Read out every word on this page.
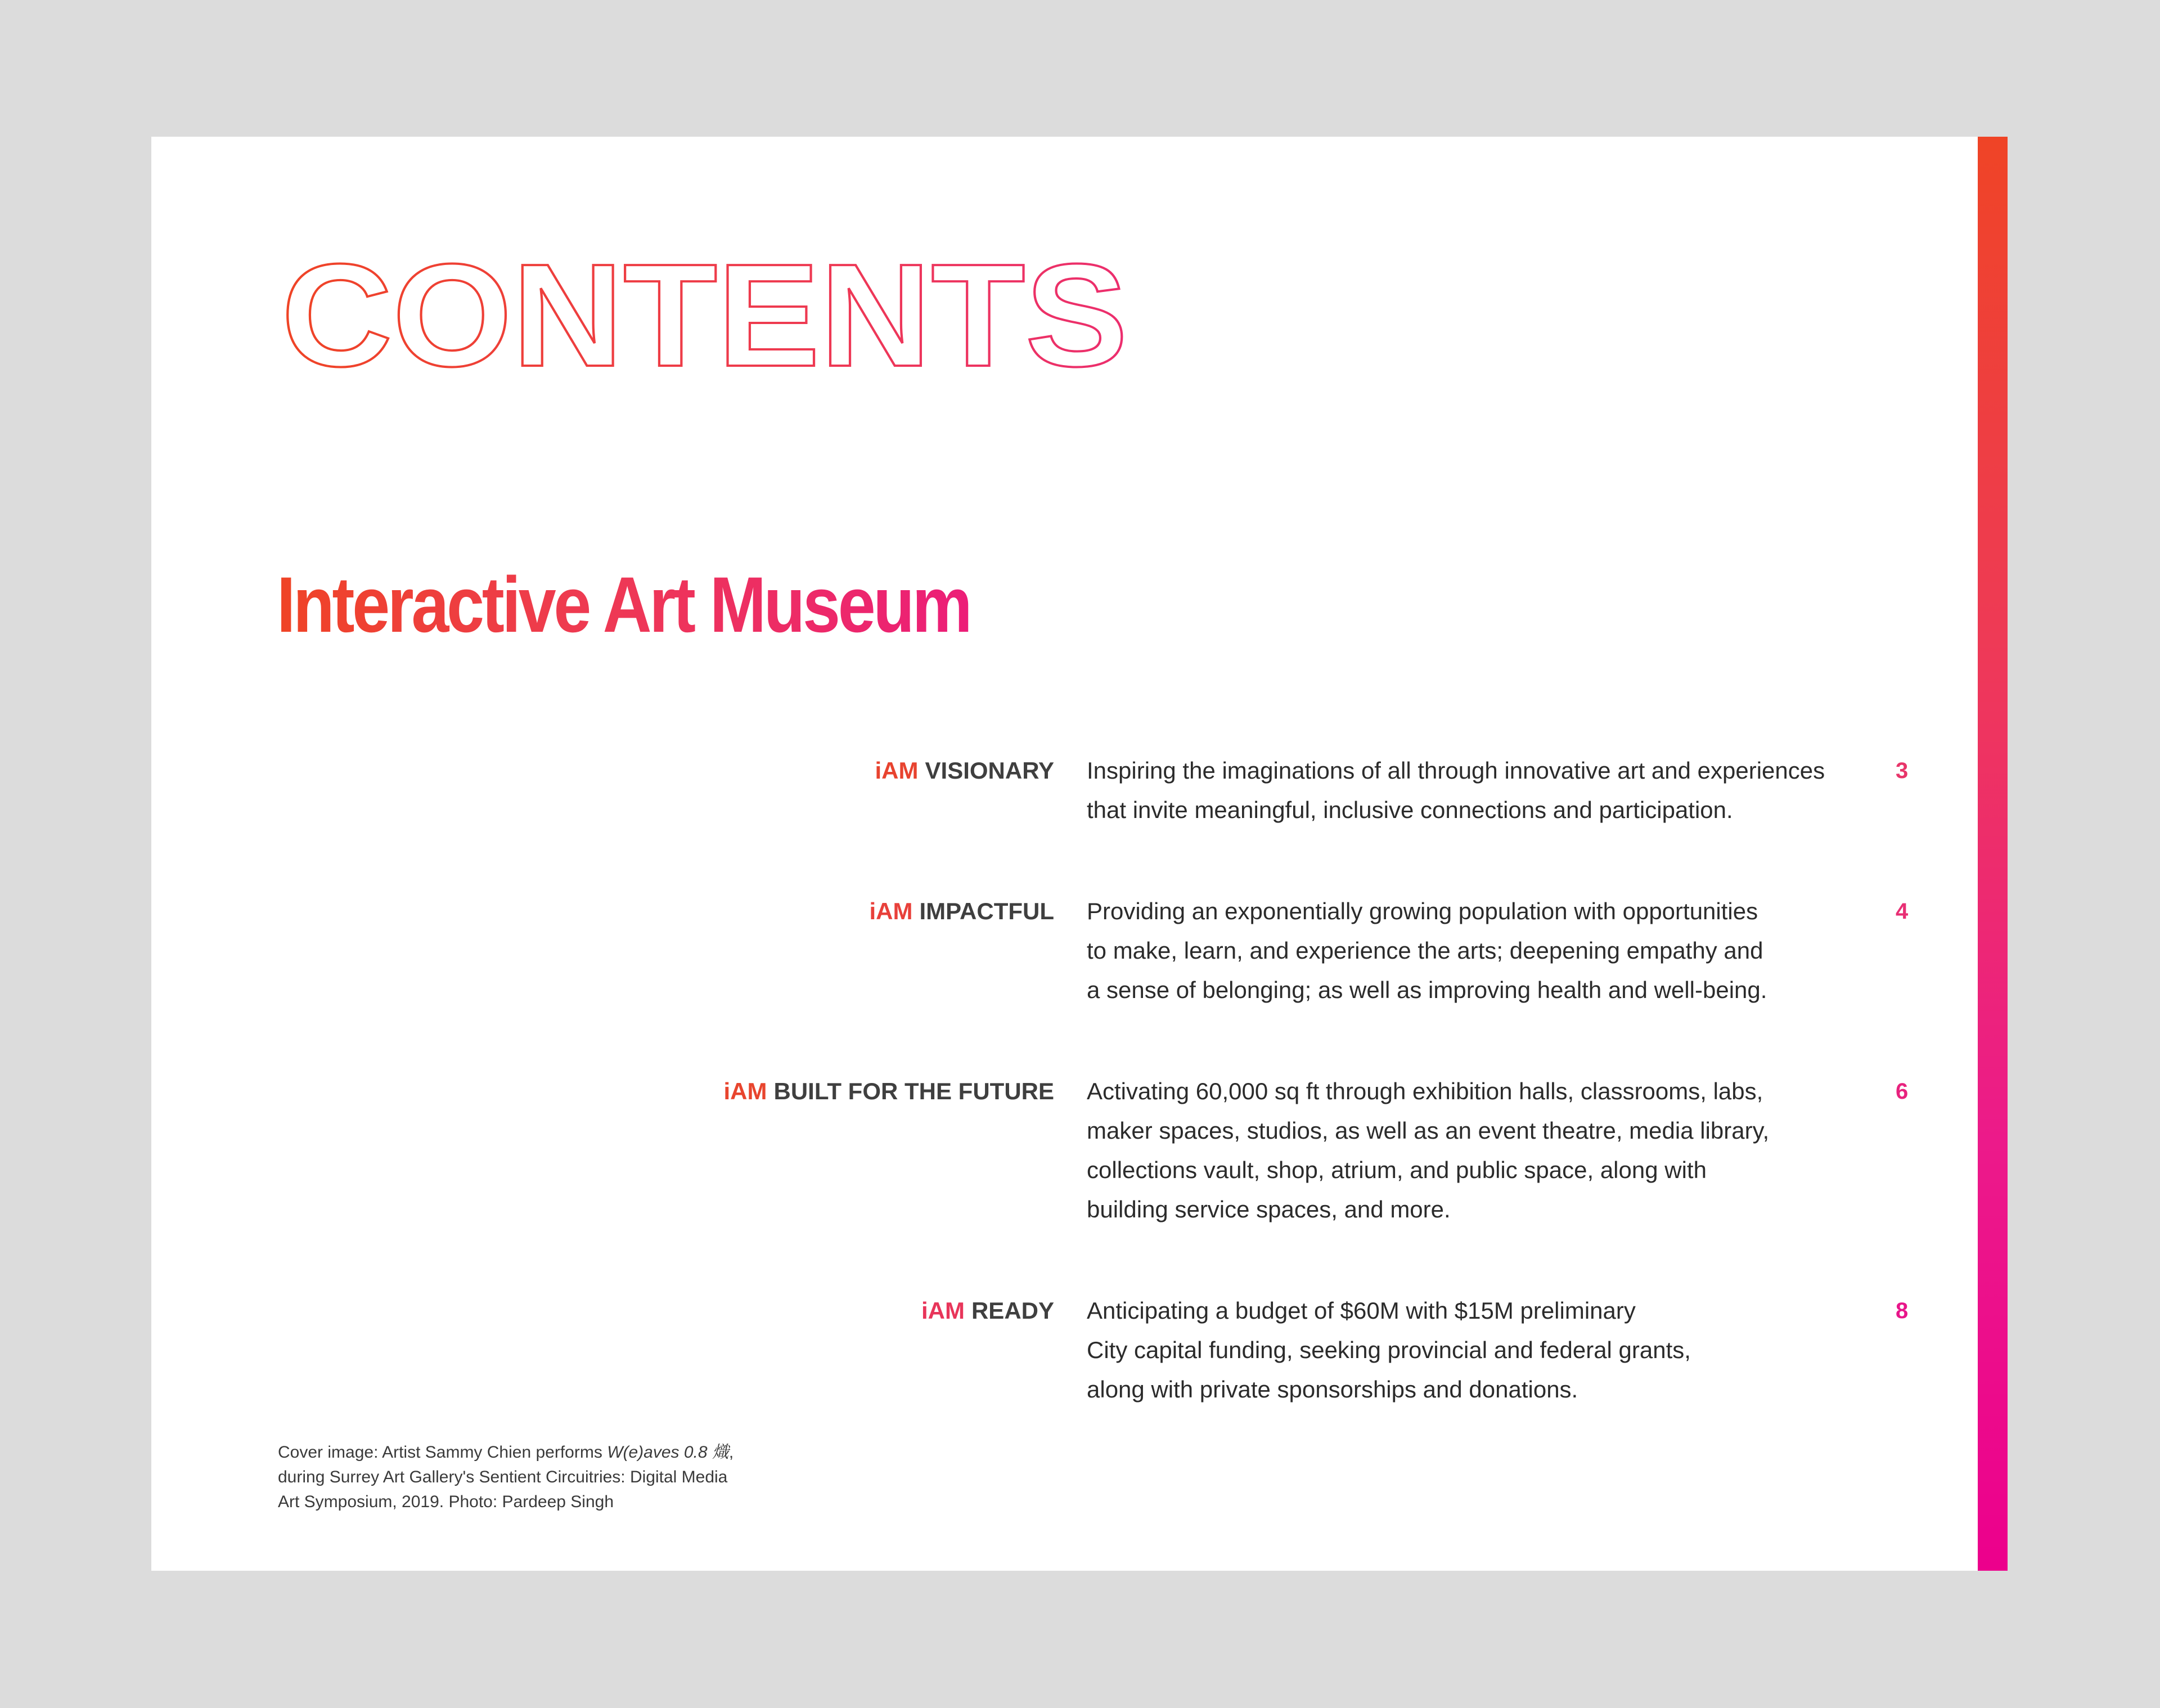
CONTENTS
Interactive Art Museum
iAM VISIONARY Inspiring the imaginations of all through innovative art and experiences
that invite meaningful, inclusive connections and participation.
3
iAM IMPACTFUL Providing an exponentially growing population with opportunities
to make, learn, and experience the arts; deepening empathy and
a sense of belonging; as well as improving health and well-being.
4
iAM BUILT FOR THE FUTURE Activating 60,000 sq ft through exhibition halls, classrooms, labs,
maker spaces, studios, as well as an event theatre, media library,
collections vault, shop, atrium, and public space, along with
building service spaces, and more.
6
iAM READY Anticipating a budget of $60M with $15M preliminary
City capital funding, seeking provincial and federal grants,
along with private sponsorships and donations.
8
Cover image: Artist Sammy Chien performs W(e)aves 0.8 熾,
during Surrey Art Gallery's Sentient Circuitries: Digital Media
Art Symposium, 2019. Photo: Pardeep Singh
